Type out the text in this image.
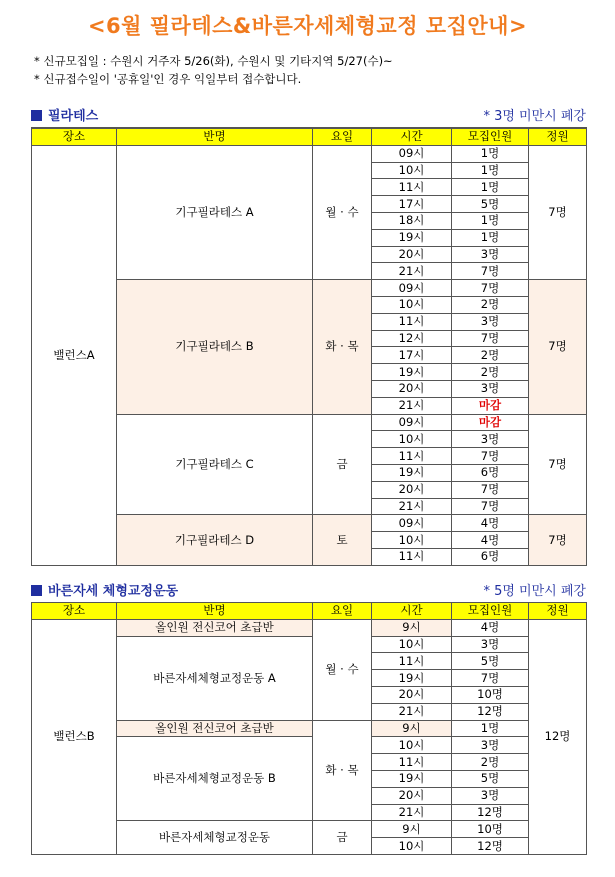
<6월 필라테스&바른자세체형교정 모집안내>
* 신규모집일 : 수원시 거주자 5/26(화), 수원시 및 기타지역 5/27(수)~
* 신규접수일이 '공휴일'인 경우 익일부터 접수합니다.
필라테스	* 3명 미만시 폐강
장소	반명	요일	시간	모집인원	정원
밸런스A	기구필라테스 A	월 · 수	09시	1명	7명
			10시	1명	
			11시	1명	
			17시	5명	
			18시	1명	
			19시	1명	
			20시	3명	
			21시	7명	
	기구필라테스 B	화 · 목	09시	7명	7명
			10시	2명	
			11시	3명	
			12시	7명	
			17시	2명	
			19시	2명	
			20시	3명	
			21시	마감	
	기구필라테스 C	금	09시	마감	7명
			10시	3명	
			11시	7명	
			19시	6명	
			20시	7명	
			21시	7명	
	기구필라테스 D	토	09시	4명	7명
			10시	4명	
			11시	6명	
바른자세 체형교정운동	* 5명 미만시 폐강
장소	반명	요일	시간	모집인원	정원
밸런스B	올인원 전신코어 초급반	월 · 수	9시	4명	12명
	바른자세체형교정운동 A		10시	3명	
			11시	5명	
			19시	7명	
			20시	10명	
			21시	12명	
	올인원 전신코어 초급반	화 · 목	9시	1명	
	바른자세체형교정운동 B		10시	3명	
			11시	2명	
			19시	5명	
			20시	3명	
			21시	12명	
	바른자세체형교정운동	금	9시	10명	
			10시	12명	
